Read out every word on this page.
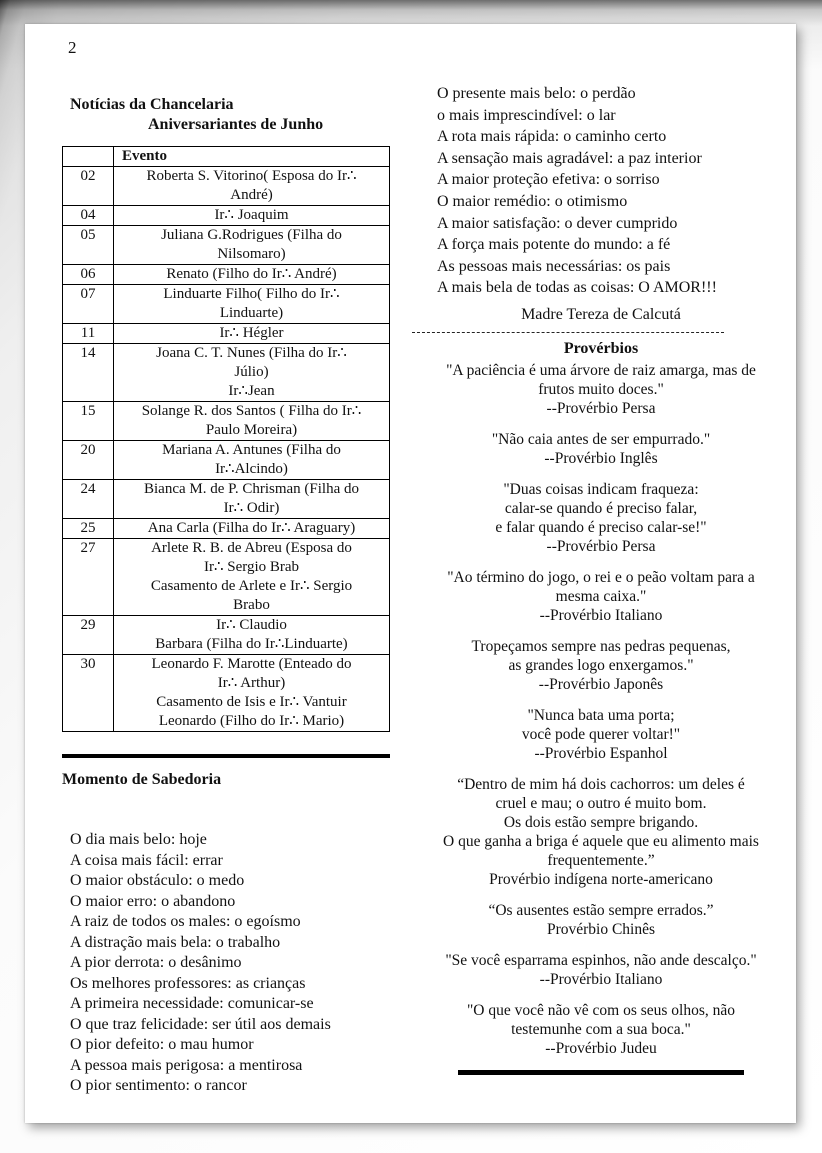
2
Notícias da Chancelaria
Aniversariantes de Junho
	Evento
02	Roberta S. Vitorino( Esposa do Ir∴
André)

04	Ir∴ Joaquim

05	Juliana G.Rodrigues (Filha do
Nilsomaro)

06	Renato (Filho do Ir∴ André)

07	Linduarte Filho( Filho do Ir∴
Linduarte)

11	Ir∴ Hégler

14	Joana C. T. Nunes (Filha do Ir∴
Júlio)
Ir∴Jean

15	Solange R. dos Santos ( Filha do Ir∴
Paulo Moreira)

20	Mariana A. Antunes (Filha do
Ir∴Alcindo)

24	Bianca M. de P. Chrisman (Filha do
Ir∴ Odir)

25	Ana Carla (Filha do Ir∴ Araguary)

27	Arlete R. B. de Abreu (Esposa do
Ir∴ Sergio Brab
Casamento de Arlete e Ir∴ Sergio
Brabo

29	Ir∴ Claudio
Barbara (Filha do Ir∴Linduarte)

30	Leonardo F. Marotte (Enteado do
Ir∴ Arthur)
Casamento de Isis e Ir∴ Vantuir
Leonardo (Filho do Ir∴ Mario)
Momento de Sabedoria
O dia mais belo: hoje
A coisa mais fácil: errar
O maior obstáculo: o medo
O maior erro: o abandono
A raiz de todos os males: o egoísmo
A distração mais bela: o trabalho
A pior derrota: o desânimo
Os melhores professores: as crianças
A primeira necessidade: comunicar-se
O que traz felicidade: ser útil aos demais
O pior defeito: o mau humor
A pessoa mais perigosa: a mentirosa
O pior sentimento: o rancor
O presente mais belo: o perdão
o mais imprescindível: o lar
A rota mais rápida: o caminho certo
A sensação mais agradável: a paz interior
A maior proteção efetiva: o sorriso
O maior remédio: o otimismo
A maior satisfação: o dever cumprido
A força mais potente do mundo: a fé
As pessoas mais necessárias: os pais
A mais bela de todas as coisas: O AMOR!!!
Madre Tereza de Calcutá
Provérbios
"A paciência é uma árvore de raiz amarga, mas de
frutos muito doces."
--Provérbio Persa
"Não caia antes de ser empurrado."
--Provérbio Inglês
"Duas coisas indicam fraqueza:
calar-se quando é preciso falar,
e falar quando é preciso calar-se!"
--Provérbio Persa
"Ao término do jogo, o rei e o peão voltam para a
mesma caixa."
--Provérbio Italiano
Tropeçamos sempre nas pedras pequenas,
as grandes logo enxergamos."
--Provérbio Japonês
"Nunca bata uma porta;
você pode querer voltar!"
--Provérbio Espanhol
“Dentro de mim há dois cachorros: um deles é
cruel e mau; o outro é muito bom.
Os dois estão sempre brigando.
O que ganha a briga é aquele que eu alimento mais
frequentemente.”
Provérbio indígena norte-americano
“Os ausentes estão sempre errados.”
Provérbio Chinês
"Se você esparrama espinhos, não ande descalço."
--Provérbio Italiano
"O que você não vê com os seus olhos, não
testemunhe com a sua boca."
--Provérbio Judeu
